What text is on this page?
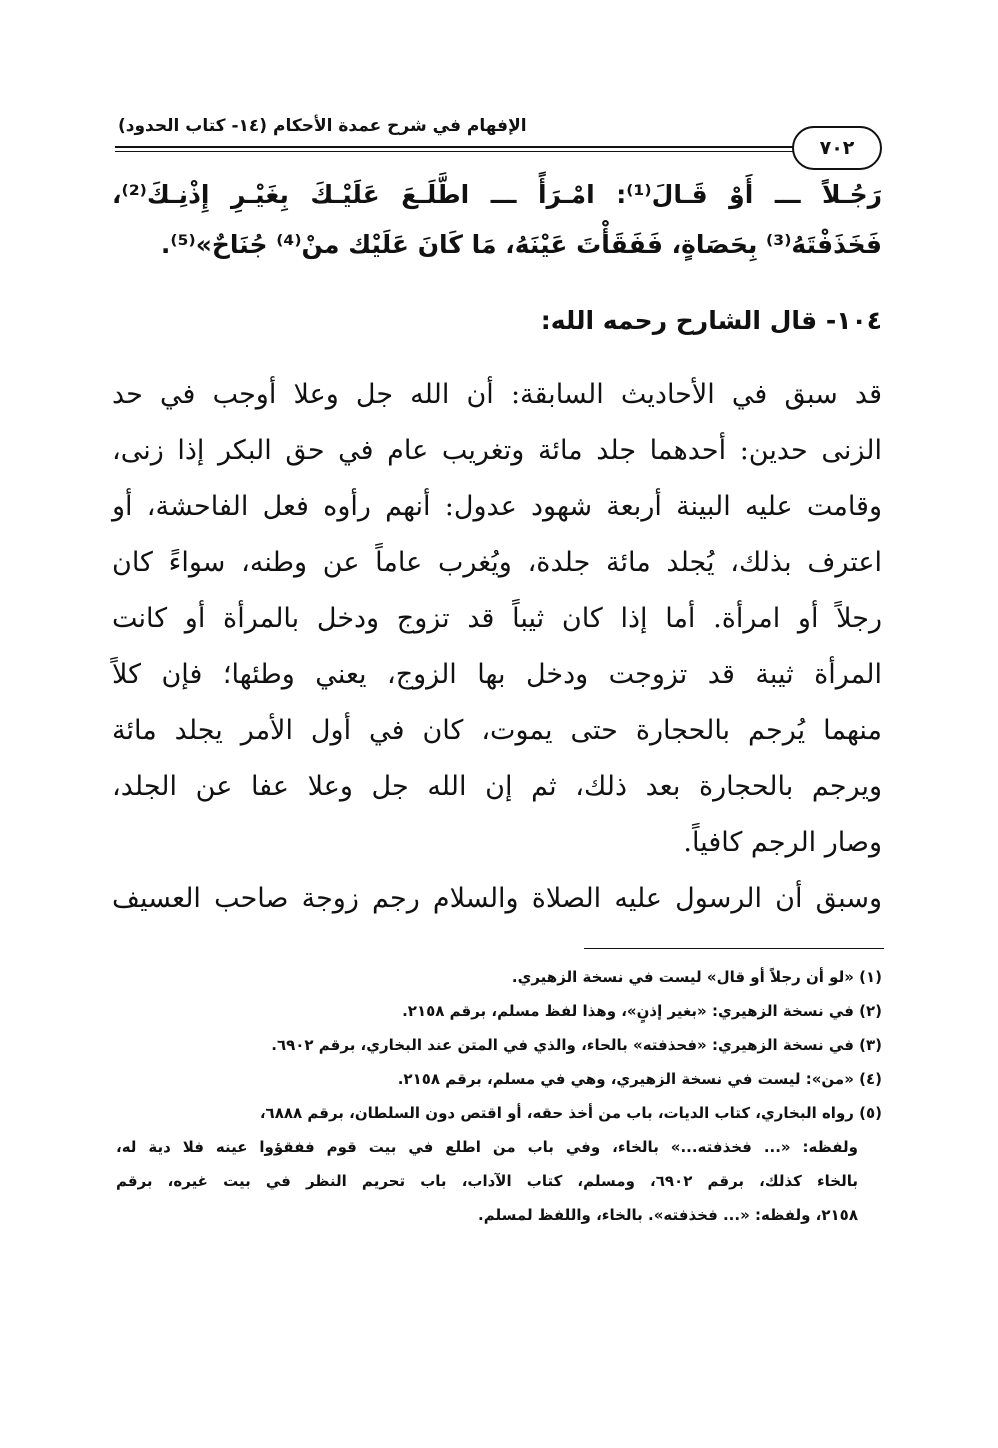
الإفهام في شرح عمدة الأحكام (١٤- كتاب الحدود)
٧٠٢
رَجُـلاً ـــ أَوْ قَـالَ⁽¹⁾: امْـرَأً ـــ اطَّلَـعَ عَلَيْـكَ بِغَيْـرِ إِذْنِـكَ⁽²⁾،
فَخَذَفْتَهُ⁽³⁾ بِحَصَاةٍ، فَفَقَأْتَ عَيْنَهُ، مَا كَانَ عَلَيْك منْ⁽⁴⁾ جُنَاحٌ»⁽⁵⁾.
١٠٤- قال الشارح رحمه الله:
قد سبق في الأحاديث السابقة: أن الله جل وعلا أوجب في حد
الزنى حدين: أحدهما جلد مائة وتغريب عام في حق البكر إذا زنى،
وقامت عليه البينة أربعة شهود عدول: أنهم رأوه فعل الفاحشة، أو
اعترف بذلك، يُجلد مائة جلدة، ويُغرب عاماً عن وطنه، سواءً كان
رجلاً أو امرأة. أما إذا كان ثيباً قد تزوج ودخل بالمرأة أو كانت
المرأة ثيبة قد تزوجت ودخل بها الزوج، يعني وطئها؛ فإن كلاً
منهما يُرجم بالحجارة حتى يموت، كان في أول الأمر يجلد مائة
ويرجم بالحجارة بعد ذلك، ثم إن الله جل وعلا عفا عن الجلد،
وصار الرجم كافياً.
وسبق أن الرسول عليه الصلاة والسلام رجم زوجة صاحب العسيف
(١) «لو أن رجلاً أو قال» ليست في نسخة الزهيري.
(٢) في نسخة الزهيري: «بغير إذنٍ»، وهذا لفظ مسلم، برقم ٢١٥٨.
(٣) في نسخة الزهيري: «فحذفته» بالحاء، والذي في المتن عند البخاري، برقم ٦٩٠٢.
(٤) «من»: ليست في نسخة الزهيري، وهي في مسلم، برقم ٢١٥٨.
(٥) رواه البخاري، كتاب الديات، باب من أخذ حقه، أو اقتص دون السلطان، برقم ٦٨٨٨،
ولفظه: «... فخذفته...» بالخاء، وفي باب من اطلع في بيت قوم ففقؤوا عينه فلا دية له،
بالخاء كذلك، برقم ٦٩٠٢، ومسلم، كتاب الآداب، باب تحريم النظر في بيت غيره، برقم
٢١٥٨، ولفظه: «... فخذفته». بالخاء، واللفظ لمسلم.
